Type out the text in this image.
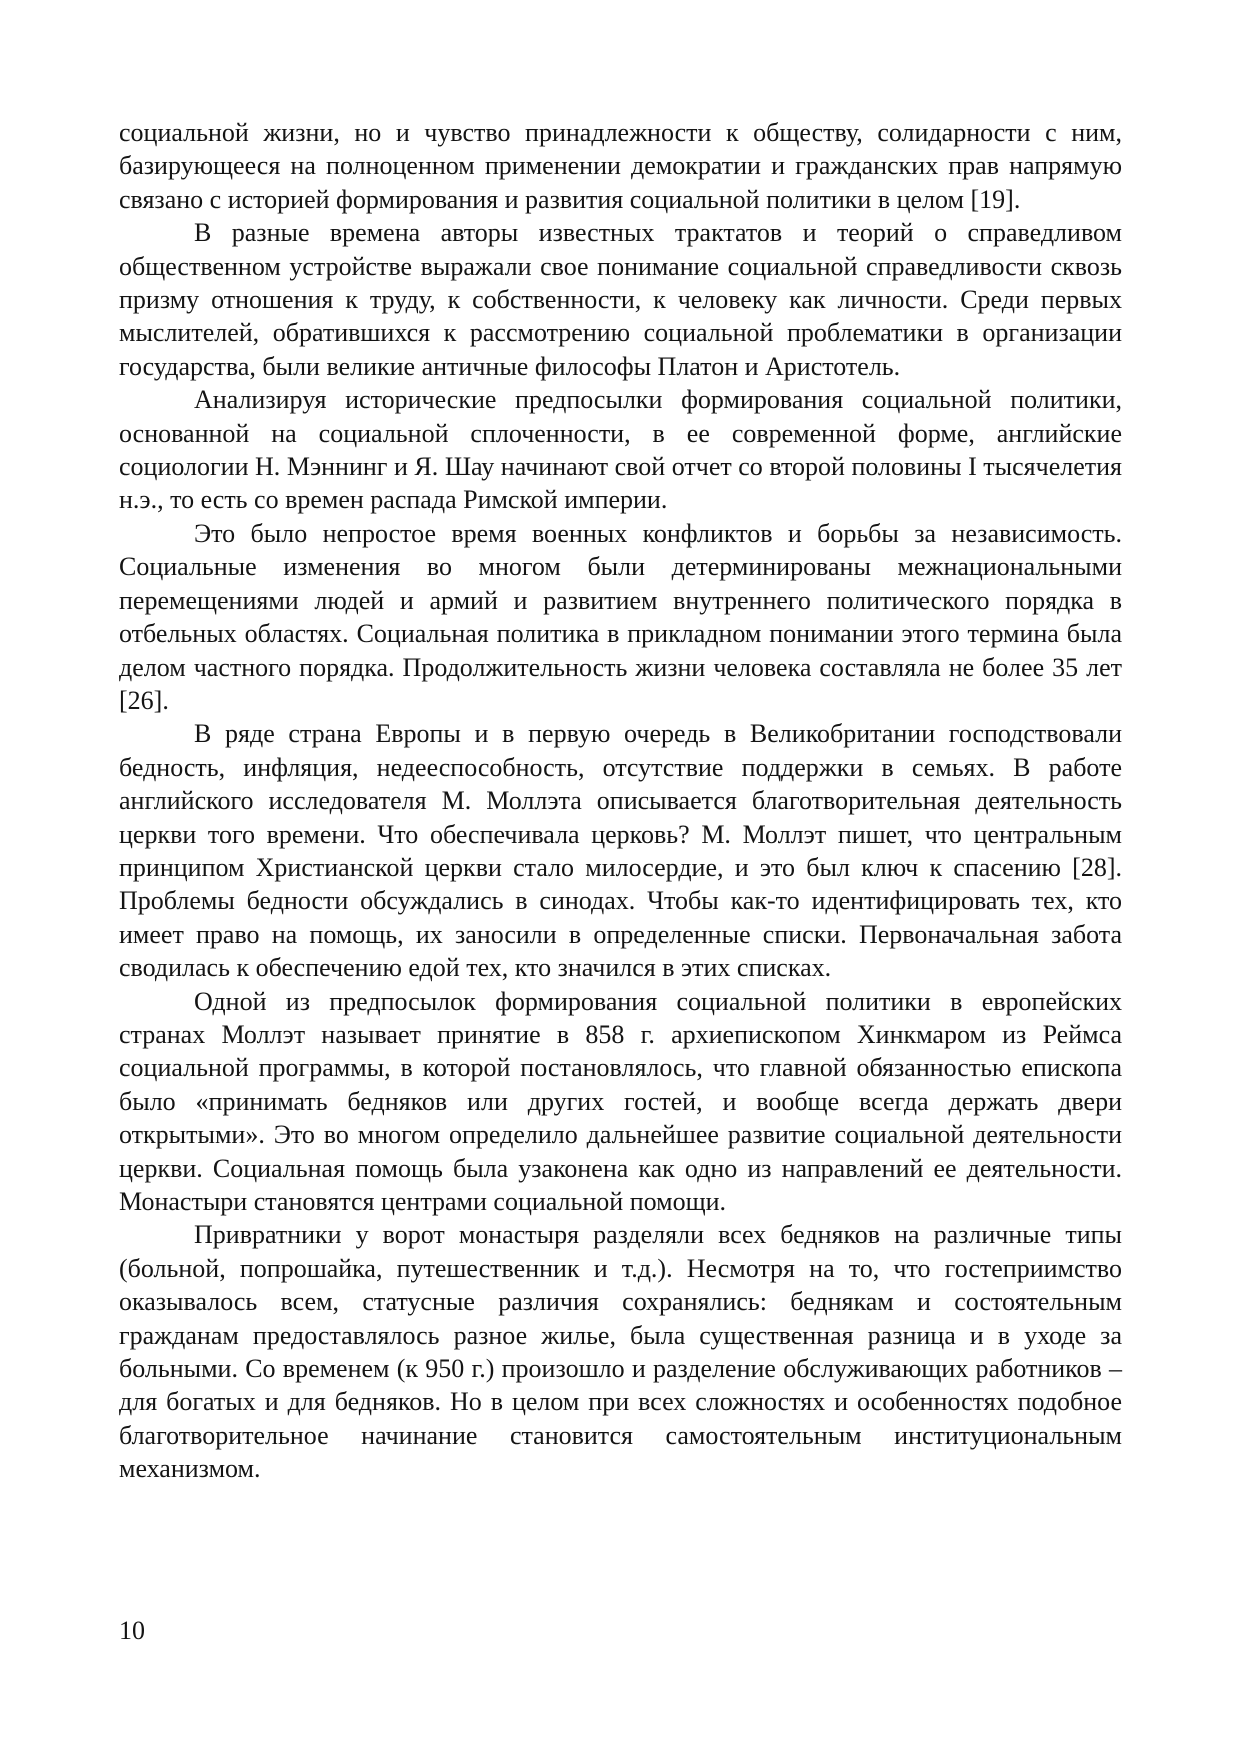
социальной жизни, но и чувство принадлежности к обществу, солидарности с ним, базирующееся на полноценном применении демократии и гражданских прав напрямую связано с историей формирования и развития социальной политики в целом [19].

В разные времена авторы известных трактатов и теорий о справедливом общественном устройстве выражали свое понимание социальной справедливости сквозь призму отношения к труду, к собственности, к человеку как личности. Среди первых мыслителей, обратившихся к рассмотрению социальной проблематики в организации государства, были великие античные философы Платон и Аристотель.

Анализируя исторические предпосылки формирования социальной политики, основанной на социальной сплоченности, в ее современной форме, английские социологии Н. Мэннинг и Я. Шау начинают свой отчет со второй половины I тысячелетия н.э., то есть со времен распада Римской империи.

Это было непростое время военных конфликтов и борьбы за независимость. Социальные изменения во многом были детерминированы межнациональными перемещениями людей и армий и развитием внутреннего политического порядка в отбельных областях. Социальная политика в прикладном понимании этого термина была делом частного порядка. Продолжительность жизни человека составляла не более 35 лет [26].

В ряде страна Европы и в первую очередь в Великобритании господствовали бедность, инфляция, недееспособность, отсутствие поддержки в семьях. В работе английского исследователя М. Моллэта описывается благотворительная деятельность церкви того времени. Что обеспечивала церковь? М. Моллэт пишет, что центральным принципом Христианской церкви стало милосердие, и это был ключ к спасению [28]. Проблемы бедности обсуждались в синодах. Чтобы как-то идентифицировать тех, кто имеет право на помощь, их заносили в определенные списки. Первоначальная забота сводилась к обеспечению едой тех, кто значился в этих списках.

Одной из предпосылок формирования социальной политики в европейских странах Моллэт называет принятие в 858 г. архиепископом Хинкмаром из Реймса социальной программы, в которой постановлялось, что главной обязанностью епископа было «принимать бедняков или других гостей, и вообще всегда держать двери открытыми». Это во многом определило дальнейшее развитие социальной деятельности церкви. Социальная помощь была узаконена как одно из направлений ее деятельности. Монастыри становятся центрами социальной помощи.

Привратники у ворот монастыря разделяли всех бедняков на различные типы (больной, попрошайка, путешественник и т.д.). Несмотря на то, что гостеприимство оказывалось всем, статусные различия сохранялись: беднякам и состоятельным гражданам предоставлялось разное жилье, была существенная разница и в уходе за больными. Со временем (к 950 г.) произошло и разделение обслуживающих работников – для богатых и для бедняков. Но в целом при всех сложностях и особенностях подобное благотворительное начинание становится самостоятельным институциональным механизмом.

10
